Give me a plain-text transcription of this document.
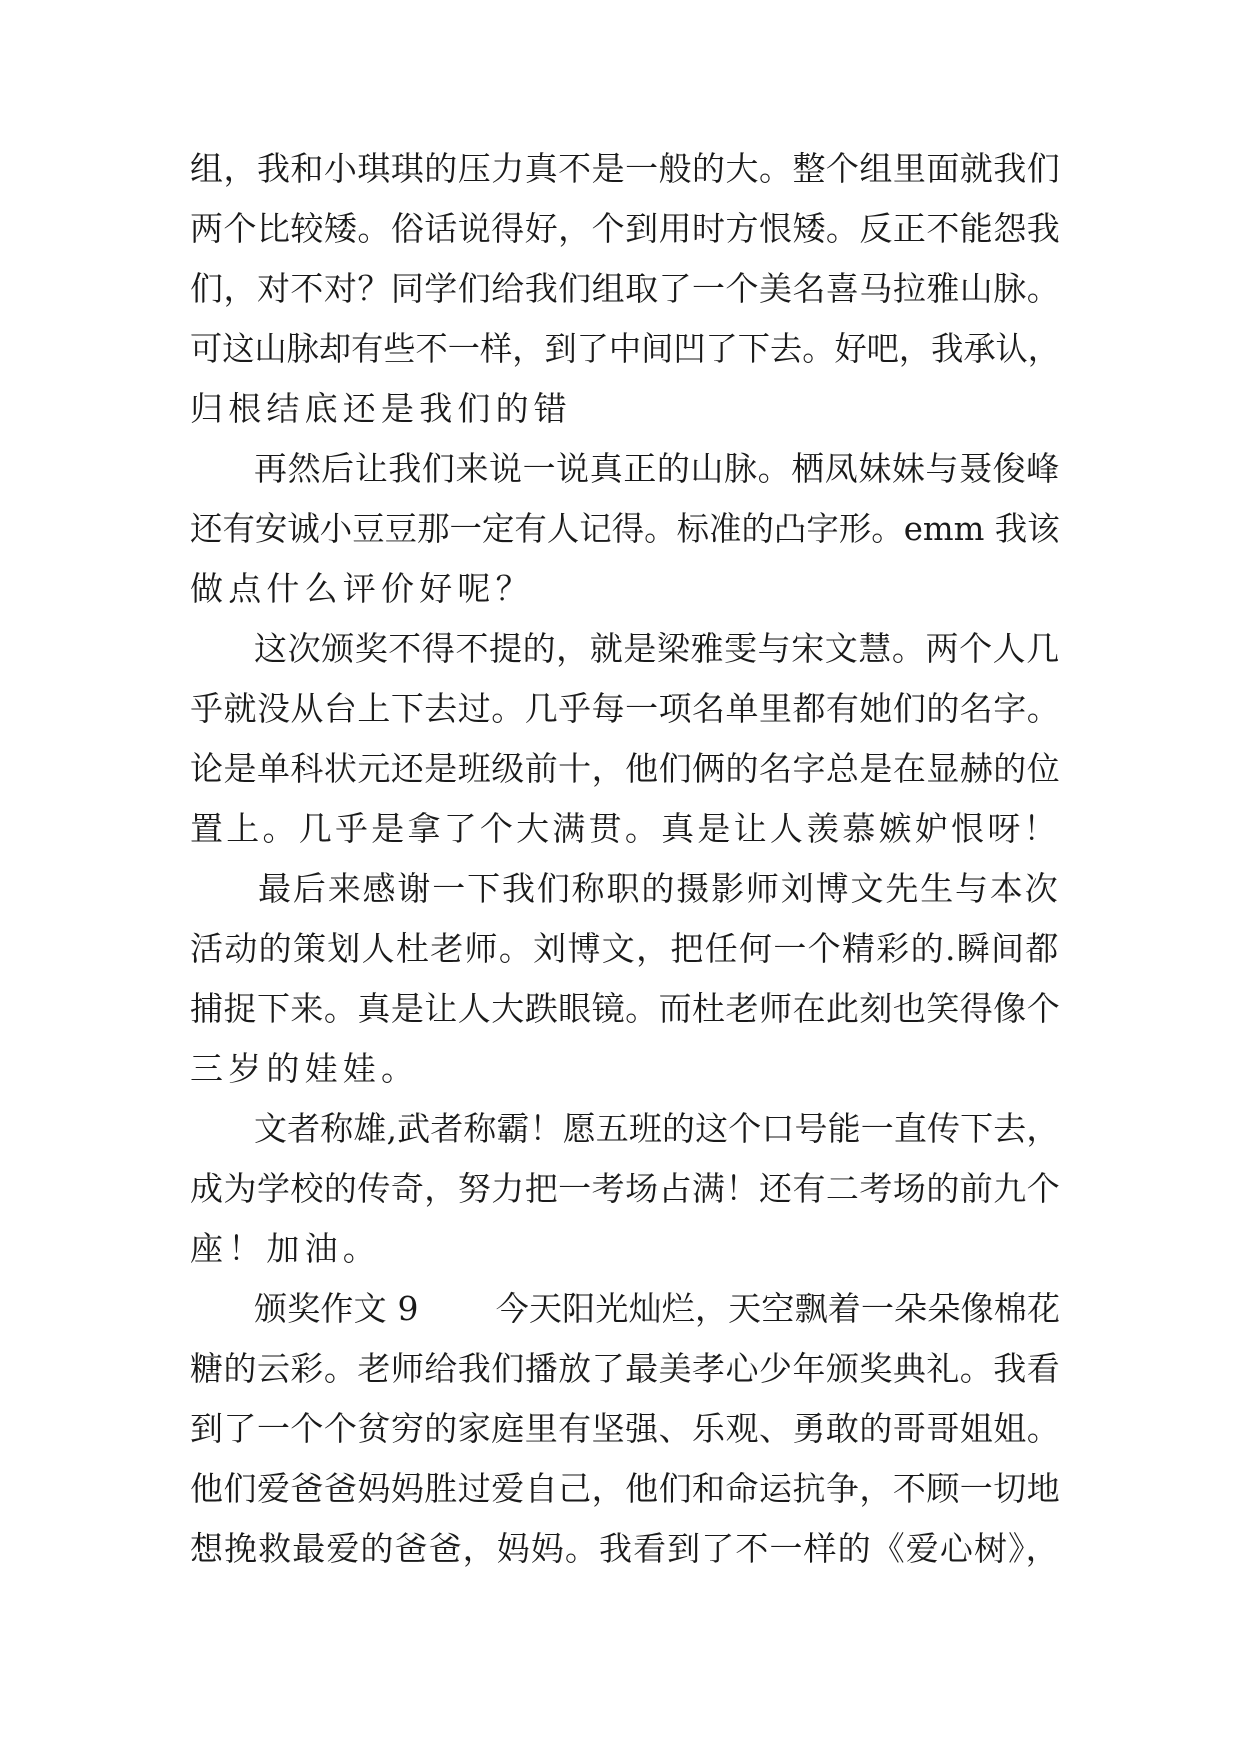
组，我和小琪琪的压力真不是一般的大。整个组里面就我们
两个比较矮。俗话说得好，个到用时方恨矮。反正不能怨我
们，对不对？同学们给我们组取了一个美名喜马拉雅山脉。
可这山脉却有些不一样，到了中间凹了下去。好吧，我承认，
归根结底还是我们的错
再然后让我们来说一说真正的山脉。栖凤妹妹与聂俊峰
还有安诚小豆豆那一定有人记得。标准的凸字形。emm 我该
做点什么评价好呢？
这次颁奖不得不提的，就是梁雅雯与宋文慧。两个人几
乎就没从台上下去过。几乎每一项名单里都有她们的名字。
论是单科状元还是班级前十，他们俩的名字总是在显赫的位
置上。几乎是拿了个大满贯。真是让人羡慕嫉妒恨呀！
最后来感谢一下我们称职的摄影师刘博文先生与本次
活动的策划人杜老师。刘博文，把任何一个精彩的.瞬间都
捕捉下来。真是让人大跌眼镜。而杜老师在此刻也笑得像个
三岁的娃娃。
文者称雄,武者称霸！愿五班的这个口号能一直传下去，
成为学校的传奇，努力把一考场占满！还有二考场的前九个
座！加油。
颁奖作文 9　　 今天阳光灿烂，天空飘着一朵朵像棉花
糖的云彩。老师给我们播放了最美孝心少年颁奖典礼。我看
到了一个个贫穷的家庭里有坚强、乐观、勇敢的哥哥姐姐。
他们爱爸爸妈妈胜过爱自己，他们和命运抗争，不顾一切地
想挽救最爱的爸爸，妈妈。我看到了不一样的《爱心树》，
